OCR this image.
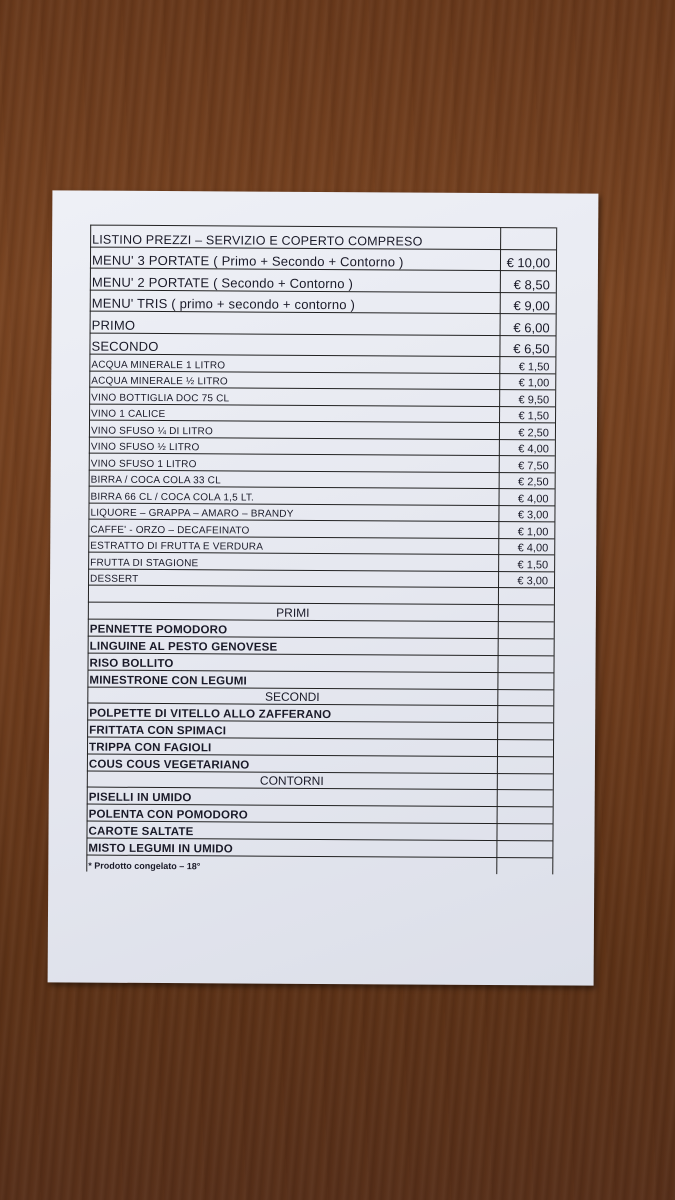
LISTINO PREZZI – SERVIZIO E COPERTO COMPRESO
MENU' 3 PORTATE ( Primo + Secondo + Contorno )	€ 10,00
MENU' 2 PORTATE ( Secondo + Contorno )	€ 8,50
MENU' TRIS ( primo + secondo + contorno )	€ 9,00
PRIMO	€ 6,00
SECONDO	€ 6,50
ACQUA MINERALE 1 LITRO	€ 1,50
ACQUA MINERALE ½ LITRO	€ 1,00
VINO BOTTIGLIA DOC 75 CL	€ 9,50
VINO 1 CALICE	€ 1,50
VINO SFUSO ¼ DI LITRO	€ 2,50
VINO SFUSO ½ LITRO	€ 4,00
VINO SFUSO 1 LITRO	€ 7,50
BIRRA / COCA COLA 33 CL	€ 2,50
BIRRA 66 CL / COCA COLA 1,5 LT.	€ 4,00
LIQUORE – GRAPPA – AMARO – BRANDY	€ 3,00
CAFFE' - ORZO – DECAFEINATO	€ 1,00
ESTRATTO DI FRUTTA E VERDURA	€ 4,00
FRUTTA DI STAGIONE	€ 1,50
DESSERT	€ 3,00
PRIMI
PENNETTE POMODORO
LINGUINE AL PESTO GENOVESE
RISO BOLLITO
MINESTRONE CON LEGUMI
SECONDI
POLPETTE DI VITELLO ALLO ZAFFERANO
FRITTATA CON SPIMACI
TRIPPA CON FAGIOLI
COUS COUS VEGETARIANO
CONTORNI
PISELLI IN UMIDO
POLENTA CON POMODORO
CAROTE SALTATE
MISTO LEGUMI IN UMIDO
* Prodotto congelato – 18°
